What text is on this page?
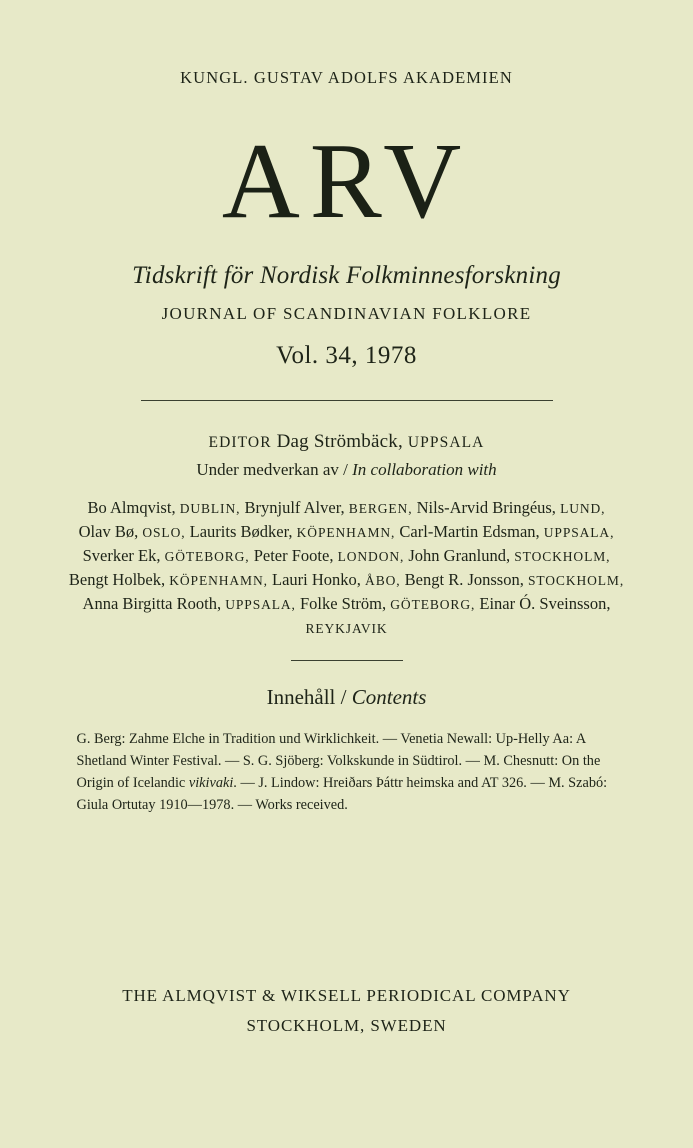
KUNGL. GUSTAV ADOLFS AKADEMIEN
ARV
Tidskrift för Nordisk Folkminnesforskning
JOURNAL OF SCANDINAVIAN FOLKLORE
Vol. 34, 1978
EDITOR Dag Strömbäck, UPPSALA
Under medverkan av / In collaboration with
Bo Almqvist, DUBLIN, Brynjulf Alver, BERGEN, Nils-Arvid Bringéus, LUND,
Olav Bø, OSLO, Laurits Bødker, KÖPENHAMN, Carl-Martin Edsman, UPPSALA,
Sverker Ek, GÖTEBORG, Peter Foote, LONDON, John Granlund, STOCKHOLM,
Bengt Holbek, KÖPENHAMN, Lauri Honko, ÅBO, Bengt R. Jonsson, STOCKHOLM,
Anna Birgitta Rooth, UPPSALA, Folke Ström, GÖTEBORG, Einar Ó. Sveinsson, REYKJAVIK
Innehåll / Contents
G. Berg: Zahme Elche in Tradition und Wirklichkeit. — Venetia Newall: Up-Helly Aa: A Shetland Winter Festival. — S. G. Sjöberg: Volkskunde in Südtirol. — M. Chesnutt: On the Origin of Icelandic vikivaki. — J. Lindow: Hreiðars Þáttr heimska and AT 326. — M. Szabó: Giula Ortutay 1910—1978. — Works received.
THE ALMQVIST & WIKSELL PERIODICAL COMPANY
STOCKHOLM, SWEDEN
